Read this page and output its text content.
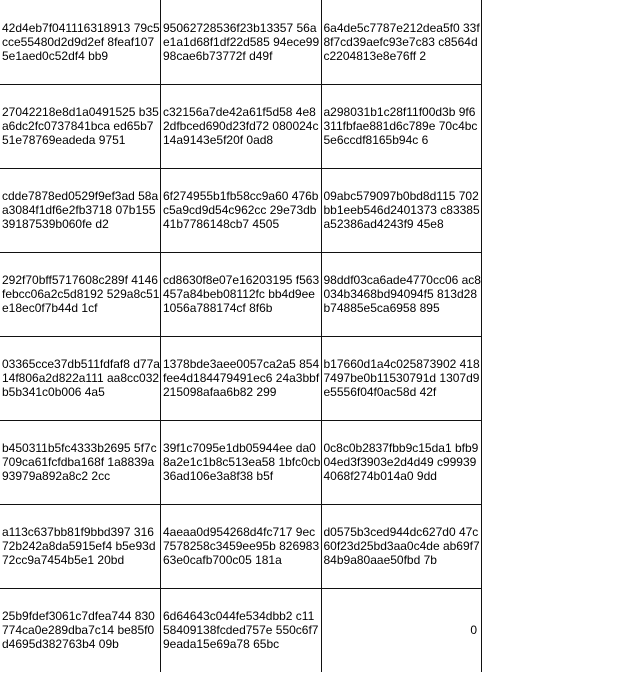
42d4eb7f041116318913 79c5cce55480d2d9d2ef 8feaf1075e1aed0c52df4 bb9	95062728536f23b13357 56ae1a1d68f1df22d585 94ece9998cae6b73772f d49f	6a4de5c7787e212dea5f0 33f8f7cd39aefc93e7c83 c8564dc2204813e8e76ff 2
27042218e8d1a0491525 b35a6dc2fc0737841bca ed65b751e78769eadeda 9751	c32156a7de42a61f5d58 4e82dfbced690d23fd72 080024c14a9143e5f20f 0ad8	a298031b1c28f11f00d3b 9f6311fbfae881d6c789e 70c4bc5e6ccdf8165b94c 6
cdde7878ed0529f9ef3ad 58aa3084f1df6e2fb3718 07b15539187539b060fe d2	6f274955b1fb58cc9a60 476bc5a9cd9d54c962cc 29e73db41b7786148cb7 4505	09abc579097b0bd8d115 702bb1eeb546d2401373 c83385a52386ad4243f9 45e8
292f70bff5717608c289f 4146febcc06a2c5d8192 529a8c51e18ec0f7b44d 1cf	cd8630f8e07e16203195 f563457a84beb08112fc bb4d9ee1056a788174cf 8f6b	98ddf03ca6ade4770cc06 ac8034b3468bd94094f5 813d28b74885e5ca6958 895
03365cce37db511fdfaf8 d77a14f806a2d822a111 aa8cc032b5b341c0b006 4a5	1378bde3aee0057ca2a5 854fee4d184479491ec6 24a3bbf215098afaa6b82 299	b17660d1a4c025873902 4187497be0b11530791d 1307d9e5556f04f0ac58d 42f
b450311b5fc4333b2695 5f7c709ca61fcfdba168f 1a8839a93979a892a8c2 2cc	39f1c7095e1db05944ee da08a2e1c1b8c513ea58 1bfc0cb36ad106e3a8f38 b5f	0c8c0b2837fbb9c15da1 bfb904ed3f3903e2d4d49 c999394068f274b014a0 9dd
a113c637bb81f9bbd397 31672b242a8da5915ef4 b5e93d72cc9a7454b5e1 20bd	4aeaa0d954268d4fc717 9ec7578258c3459ee95b 82698363e0cafb700c05 181a	d0575b3ced944dc627d0 47c60f23d25bd3aa0c4de ab69f784b9a80aae50fbd 7b
25b9fdef3061c7dfea744 830774ca0e289dba7c14 be85f0d4695d382763b4 09b	6d64643c044fe534dbb2 c1158409138fcded757e 550c6f79eada15e69a78 65bc	0
